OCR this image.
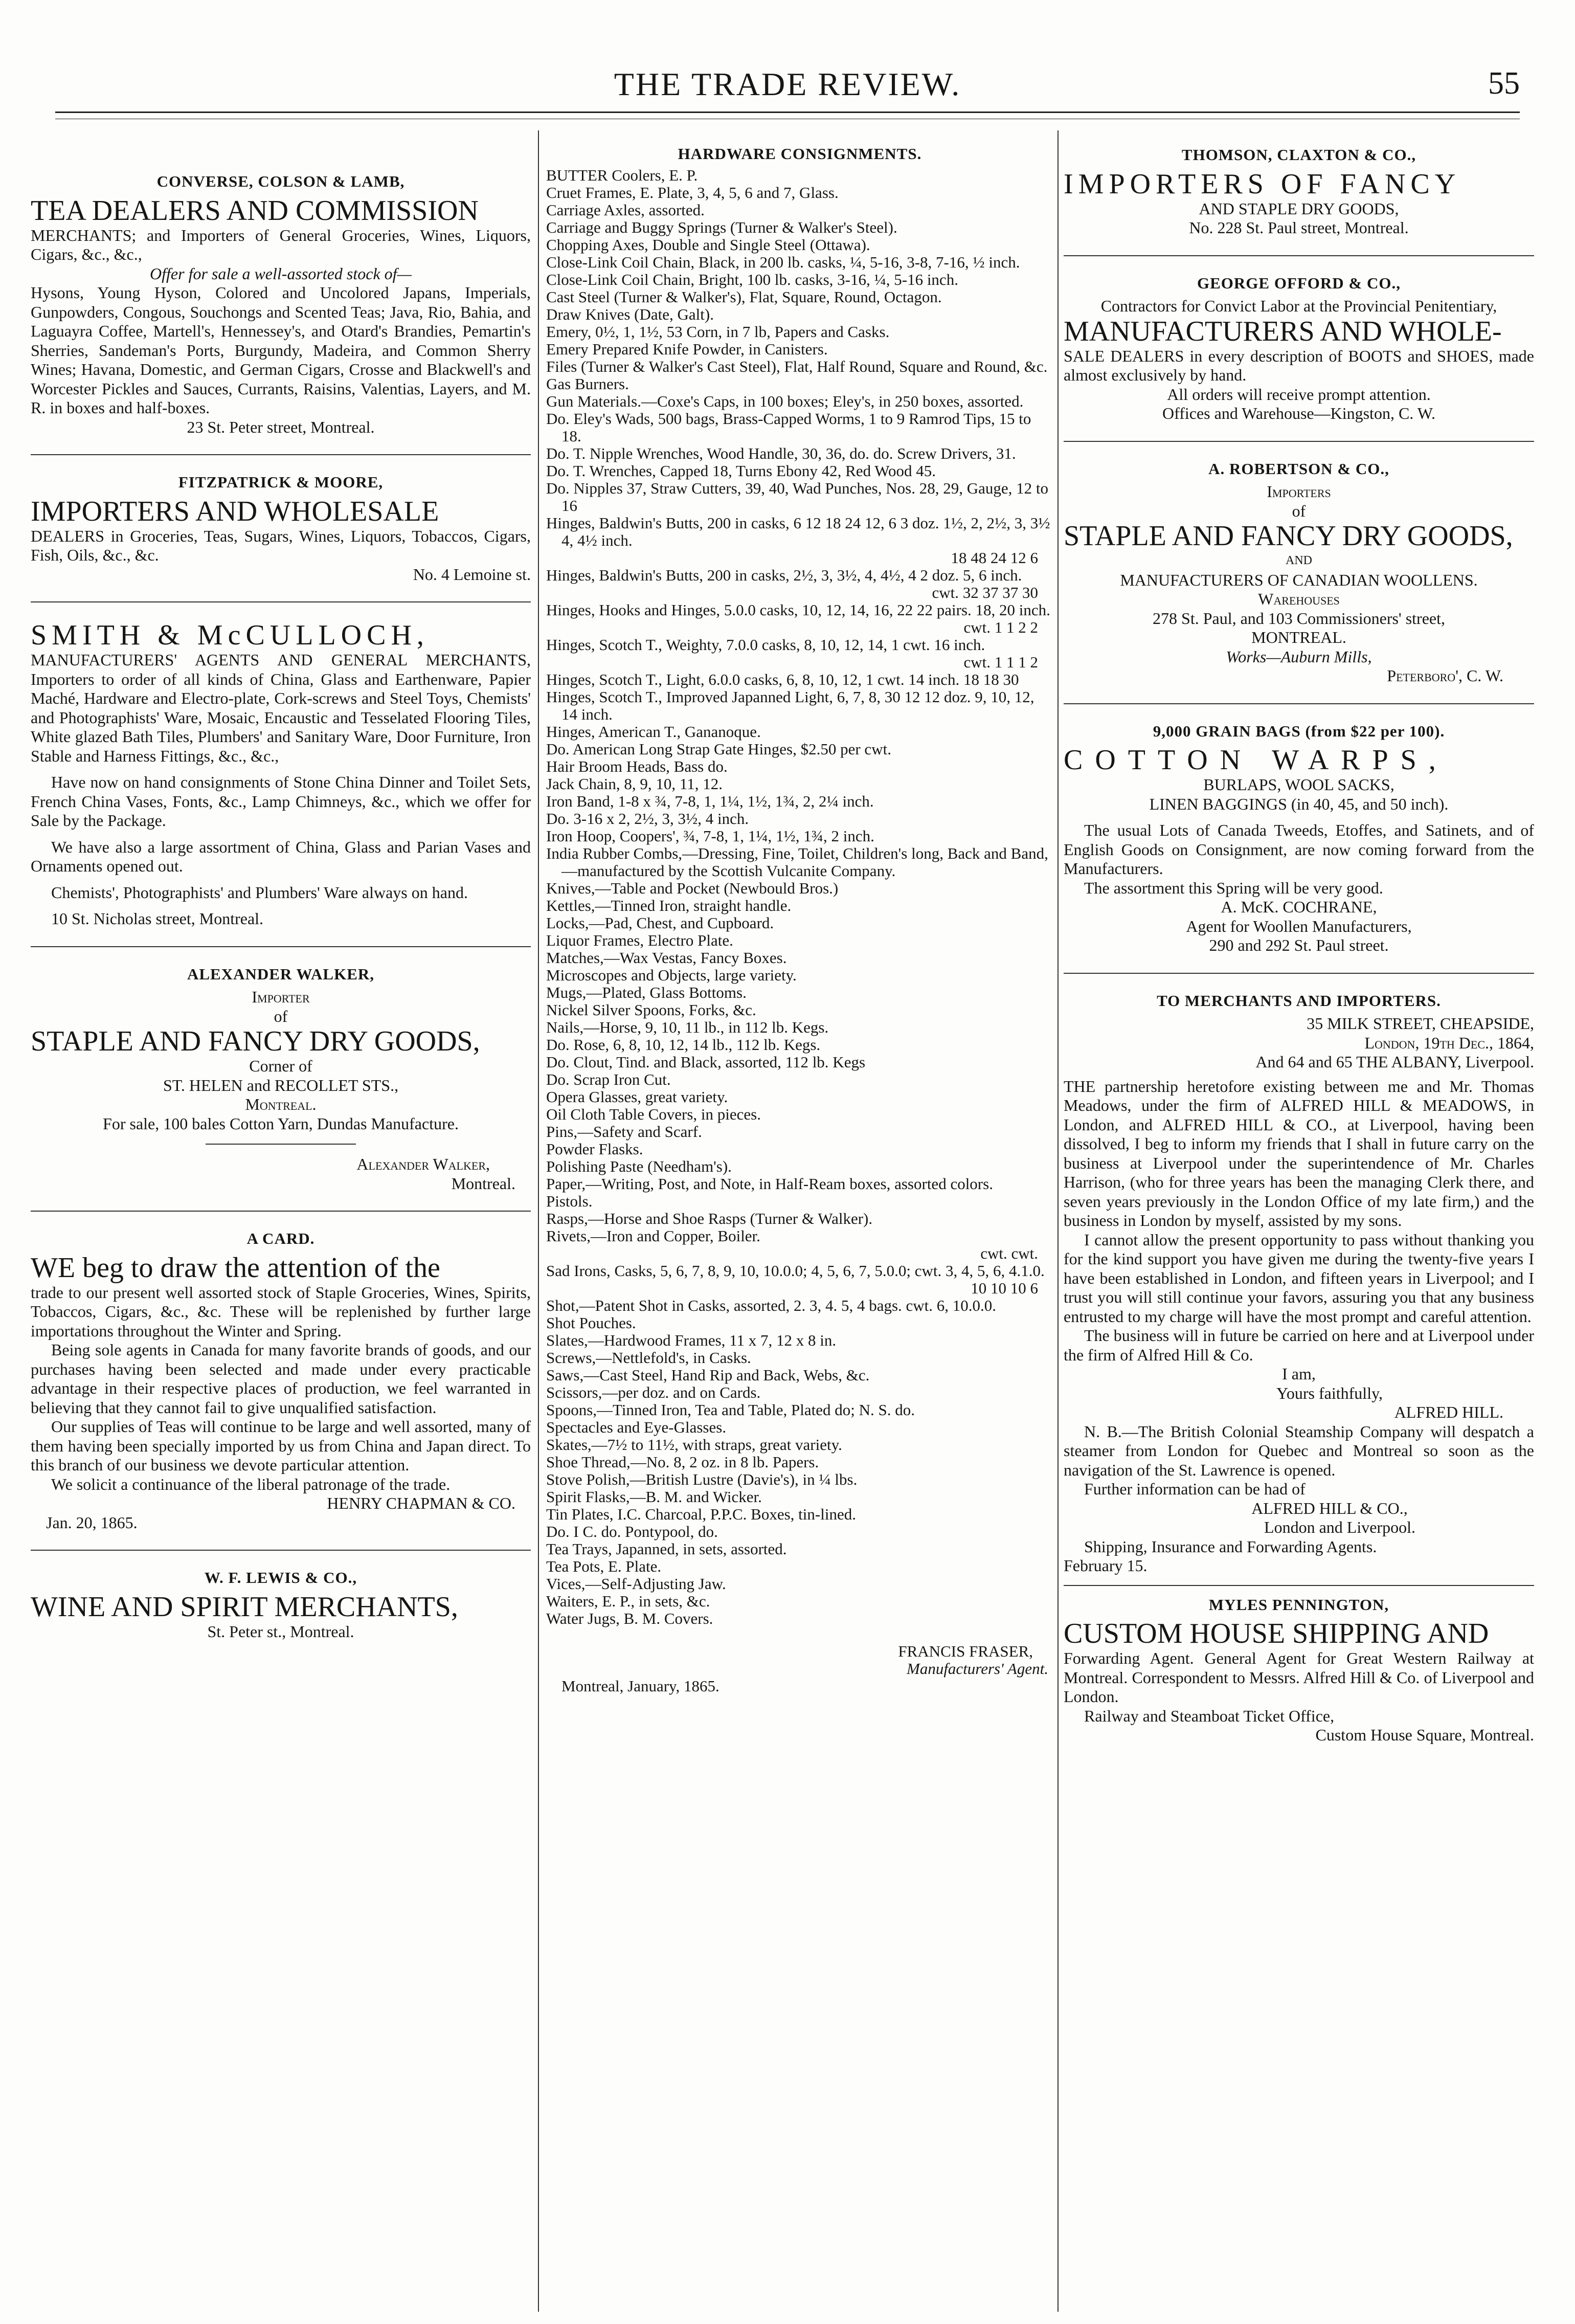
THE TRADE REVIEW.	55
CONVERSE, COLSON & LAMB,
TEA DEALERS AND COMMISSION

MERCHANTS; and Importers of General Groceries, Wines, Liquors, Cigars, &c., &c.,

Offer for sale a well-assorted stock of—

Hysons, Young Hyson, Colored and Uncolored Japans, Imperials, Gunpowders, Congous, Souchongs and Scented Teas; Java, Rio, Bahia, and Laguayra Coffee, Martell's, Hennessey's, and Otard's Brandies, Pemartin's Sherries, Sandeman's Ports, Burgundy, Madeira, and Common Sherry Wines; Havana, Domestic, and German Cigars, Crosse and Blackwell's and Worcester Pickles and Sauces, Currants, Raisins, Valentias, Layers, and M. R. in boxes and half-boxes.

23 St. Peter street, Montreal.

FITZPATRICK & MOORE,
IMPORTERS AND WHOLESALE

DEALERS in Groceries, Teas, Sugars, Wines, Liquors, Tobaccos, Cigars, Fish, Oils, &c., &c.

No. 4 Lemoine st.

SMITH & McCULLOCH,

MANUFACTURERS' AGENTS AND GENERAL MERCHANTS, Importers to order of all kinds of China, Glass and Earthenware, Papier Maché, Hardware and Electro-plate, Cork-screws and Steel Toys, Chemists' and Photographists' Ware, Mosaic, Encaustic and Tesselated Flooring Tiles, White glazed Bath Tiles, Plumbers' and Sanitary Ware, Door Furniture, Iron Stable and Harness Fittings, &c., &c.,

Have now on hand consignments of Stone China Dinner and Toilet Sets, French China Vases, Fonts, &c., Lamp Chimneys, &c., which we offer for Sale by the Package.

We have also a large assortment of China, Glass and Parian Vases and Ornaments opened out.

Chemists', Photographists' and Plumbers' Ware always on hand.

10 St. Nicholas street, Montreal.

ALEXANDER WALKER,

Importer

of

STAPLE AND FANCY DRY GOODS,

Corner of

ST. HELEN and RECOLLET STS.,

Montreal.

For sale, 100 bales Cotton Yarn, Dundas Manufacture.

Alexander Walker,

Montreal.

A CARD.
WE beg to draw the attention of the

trade to our present well assorted stock of Staple Groceries, Wines, Spirits, Tobaccos, Cigars, &c., &c. These will be replenished by further large importations throughout the Winter and Spring.

Being sole agents in Canada for many favorite brands of goods, and our purchases having been selected and made under every practicable advantage in their respective places of production, we feel warranted in believing that they cannot fail to give unqualified satisfaction.

Our supplies of Teas will continue to be large and well assorted, many of them having been specially imported by us from China and Japan direct. To this branch of our business we devote particular attention.

We solicit a continuance of the liberal patronage of the trade.

HENRY CHAPMAN & CO.

Jan. 20, 1865.

W. F. LEWIS & CO.,
WINE AND SPIRIT MERCHANTS,

St. Peter st., Montreal.

HARDWARE CONSIGNMENTS.

BUTTER Coolers, E. P.

Cruet Frames, E. Plate, 3, 4, 5, 6 and 7, Glass.

Carriage Axles, assorted.

Carriage and Buggy Springs (Turner & Walker's Steel).

Chopping Axes, Double and Single Steel (Ottawa).

Close-Link Coil Chain, Black, in 200 lb. casks, ¼, 5-16, 3-8, 7-16, ½ inch.

Close-Link Coil Chain, Bright, 100 lb. casks, 3-16, ¼, 5-16 inch.

Cast Steel (Turner & Walker's), Flat, Square, Round, Octagon.

Draw Knives (Date, Galt).

Emery, 0½, 1, 1½, 53 Corn, in 7 lb, Papers and Casks.

Emery Prepared Knife Powder, in Canisters.

Files (Turner & Walker's Cast Steel), Flat, Half Round, Square and Round, &c.

Gas Burners.

Gun Materials.—Coxe's Caps, in 100 boxes; Eley's, in 250 boxes, assorted.

Do. Eley's Wads, 500 bags, Brass-Capped Worms, 1 to 9 Ramrod Tips, 15 to 18.

Do. T. Nipple Wrenches, Wood Handle, 30, 36, do. do. Screw Drivers, 31.

Do. T. Wrenches, Capped 18, Turns Ebony 42, Red Wood 45.

Do. Nipples 37, Straw Cutters, 39, 40, Wad Punches, Nos. 28, 29, Gauge, 12 to 16

Hinges, Baldwin's Butts, 200 in casks, 6 12 18 24 12, 6 3 doz. 1½, 2, 2½, 3, 3½ 4, 4½ inch.

18 48 24 12 6

Hinges, Baldwin's Butts, 200 in casks, 2½, 3, 3½, 4, 4½, 4 2 doz. 5, 6 inch.

cwt. 32 37 37 30

Hinges, Hooks and Hinges, 5.0.0 casks, 10, 12, 14, 16, 22 22 pairs. 18, 20 inch.

cwt. 1 1 2 2

Hinges, Scotch T., Weighty, 7.0.0 casks, 8, 10, 12, 14, 1 cwt. 16 inch.

cwt. 1 1 1 2

Hinges, Scotch T., Light, 6.0.0 casks, 6, 8, 10, 12, 1 cwt. 14 inch. 18 18 30

Hinges, Scotch T., Improved Japanned Light, 6, 7, 8, 30 12 12 doz. 9, 10, 12, 14 inch.

Hinges, American T., Gananoque.

Do. American Long Strap Gate Hinges, $2.50 per cwt.

Hair Broom Heads, Bass do.

Jack Chain, 8, 9, 10, 11, 12.

Iron Band, 1-8 x ¾, 7-8, 1, 1¼, 1½, 1¾, 2, 2¼ inch.

Do. 3-16 x 2, 2½, 3, 3½, 4 inch.

Iron Hoop, Coopers', ¾, 7-8, 1, 1¼, 1½, 1¾, 2 inch.

India Rubber Combs,—Dressing, Fine, Toilet, Children's long, Back and Band,—manufactured by the Scottish Vulcanite Company.

Knives,—Table and Pocket (Newbould Bros.)

Kettles,—Tinned Iron, straight handle.

Locks,—Pad, Chest, and Cupboard.

Liquor Frames, Electro Plate.

Matches,—Wax Vestas, Fancy Boxes.

Microscopes and Objects, large variety.

Mugs,—Plated, Glass Bottoms.

Nickel Silver Spoons, Forks, &c.

Nails,—Horse, 9, 10, 11 lb., in 112 lb. Kegs.

Do. Rose, 6, 8, 10, 12, 14 lb., 112 lb. Kegs.

Do. Clout, Tind. and Black, assorted, 112 lb. Kegs

Do. Scrap Iron Cut.

Opera Glasses, great variety.

Oil Cloth Table Covers, in pieces.

Pins,—Safety and Scarf.

Powder Flasks.

Polishing Paste (Needham's).

Paper,—Writing, Post, and Note, in Half-Ream boxes, assorted colors.

Pistols.

Rasps,—Horse and Shoe Rasps (Turner & Walker).

Rivets,—Iron and Copper, Boiler.

cwt. cwt.

Sad Irons, Casks, 5, 6, 7, 8, 9, 10, 10.0.0; 4, 5, 6, 7, 5.0.0; cwt. 3, 4, 5, 6, 4.1.0.

10 10 10 6

Shot,—Patent Shot in Casks, assorted, 2. 3, 4. 5, 4 bags. cwt. 6, 10.0.0.

Shot Pouches.

Slates,—Hardwood Frames, 11 x 7, 12 x 8 in.

Screws,—Nettlefold's, in Casks.

Saws,—Cast Steel, Hand Rip and Back, Webs, &c.

Scissors,—per doz. and on Cards.

Spoons,—Tinned Iron, Tea and Table, Plated do; N. S. do.

Spectacles and Eye-Glasses.

Skates,—7½ to 11½, with straps, great variety.

Shoe Thread,—No. 8, 2 oz. in 8 lb. Papers.

Stove Polish,—British Lustre (Davie's), in ¼ lbs.

Spirit Flasks,—B. M. and Wicker.

Tin Plates, I.C. Charcoal, P.P.C. Boxes, tin-lined.

Do. I C. do. Pontypool, do.

Tea Trays, Japanned, in sets, assorted.

Tea Pots, E. Plate.

Vices,—Self-Adjusting Jaw.

Waiters, E. P., in sets, &c.

Water Jugs, B. M. Covers.

FRANCIS FRASER,

Manufacturers' Agent.

Montreal, January, 1865.

THOMSON, CLAXTON & CO.,
IMPORTERS OF FANCY

AND STAPLE DRY GOODS,

No. 228 St. Paul street, Montreal.

GEORGE OFFORD & CO.,

Contractors for Convict Labor at the Provincial Penitentiary,

MANUFACTURERS AND WHOLE-

SALE DEALERS in every description of BOOTS and SHOES, made almost exclusively by hand.

All orders will receive prompt attention.

Offices and Warehouse—Kingston, C. W.

A. ROBERTSON & CO.,

Importers

of

STAPLE AND FANCY DRY GOODS,

AND

MANUFACTURERS OF CANADIAN WOOLLENS.

Warehouses

278 St. Paul, and 103 Commissioners' street,

MONTREAL.

Works—Auburn Mills,

Peterboro', C. W.

9,000 GRAIN BAGS (from $22 per 100).
COTTON WARPS,

BURLAPS, WOOL SACKS,

LINEN BAGGINGS (in 40, 45, and 50 inch).

The usual Lots of Canada Tweeds, Etoffes, and Satinets, and of English Goods on Consignment, are now coming forward from the Manufacturers.

The assortment this Spring will be very good.

A. McK. COCHRANE,

Agent for Woollen Manufacturers,

290 and 292 St. Paul street.

TO MERCHANTS AND IMPORTERS.

35 MILK STREET, CHEAPSIDE,

London, 19th Dec., 1864,

And 64 and 65 THE ALBANY, Liverpool.

THE partnership heretofore existing between me and Mr. Thomas Meadows, under the firm of ALFRED HILL & MEADOWS, in London, and ALFRED HILL & CO., at Liverpool, having been dissolved, I beg to inform my friends that I shall in future carry on the business at Liverpool under the superintendence of Mr. Charles Harrison, (who for three years has been the managing Clerk there, and seven years previously in the London Office of my late firm,) and the business in London by myself, assisted by my sons.

I cannot allow the present opportunity to pass without thanking you for the kind support you have given me during the twenty-five years I have been established in London, and fifteen years in Liverpool; and I trust you will still continue your favors, assuring you that any business entrusted to my charge will have the most prompt and careful attention.

The business will in future be carried on here and at Liverpool under the firm of Alfred Hill & Co.

I am,

Yours faithfully,

ALFRED HILL.

N. B.—The British Colonial Steamship Company will despatch a steamer from London for Quebec and Montreal so soon as the navigation of the St. Lawrence is opened.

Further information can be had of

ALFRED HILL & CO.,

London and Liverpool.

Shipping, Insurance and Forwarding Agents.

February 15.

MYLES PENNINGTON,
CUSTOM HOUSE SHIPPING AND

Forwarding Agent. General Agent for Great Western Railway at Montreal. Correspondent to Messrs. Alfred Hill & Co. of Liverpool and London.

Railway and Steamboat Ticket Office,

Custom House Square, Montreal.
